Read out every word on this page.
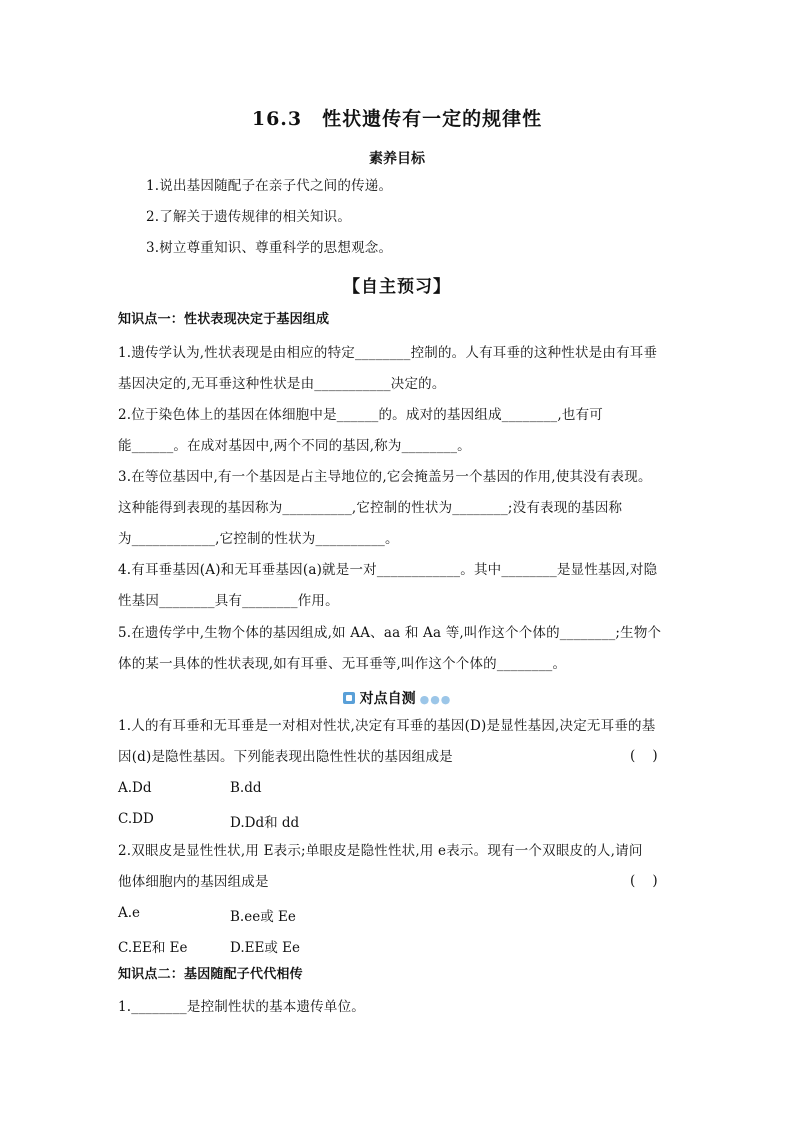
16.3　性状遗传有一定的规律性
素养目标
1.说出基因随配子在亲子代之间的传递。
2.了解关于遗传规律的相关知识。
3.树立尊重知识、尊重科学的思想观念。
【自主预习】
知识点一：性状表现决定于基因组成
1.遗传学认为,性状表现是由相应的特定________控制的。人有耳垂的这种性状是由有耳垂
基因决定的,无耳垂这种性状是由___________决定的。
2.位于染色体上的基因在体细胞中是______的。成对的基因组成________,也有可
能______。在成对基因中,两个不同的基因,称为________。
3.在等位基因中,有一个基因是占主导地位的,它会掩盖另一个基因的作用,使其没有表现。
这种能得到表现的基因称为__________,它控制的性状为________;没有表现的基因称
为____________,它控制的性状为__________。
4.有耳垂基因(A)和无耳垂基因(a)就是一对____________。其中________是显性基因,对隐
性基因________具有________作用。
5.在遗传学中,生物个体的基因组成,如 AA、aa 和 Aa 等,叫作这个个体的________;生物个
体的某一具体的性状表现,如有耳垂、无耳垂等,叫作这个个体的________。
对点自测 ●●●
1.人的有耳垂和无耳垂是一对相对性状,决定有耳垂的基因(D)是显性基因,决定无耳垂的基
因(d)是隐性基因。下列能表现出隐性性状的基因组成是	(    )
A.Dd	B.dd
C.DD	D.Dd和 dd
2.双眼皮是显性性状,用 E表示;单眼皮是隐性性状,用 e表示。现有一个双眼皮的人,请问
他体细胞内的基因组成是	(    )
A.e	B.ee或 Ee
C.EE和 Ee	D.EE或 Ee
知识点二：基因随配子代代相传
1.________是控制性状的基本遗传单位。
